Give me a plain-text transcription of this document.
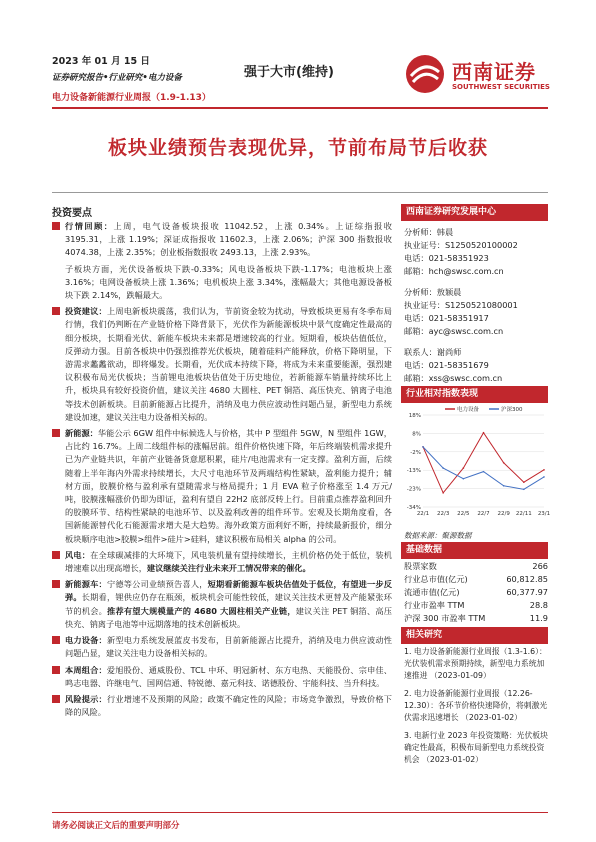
2023 年 01 月 15 日
证券研究报告•行业研究•电力设备	强于大市(维持)
电力设备新能源行业周报（1.9-1.13）
西南证券
SOUTHWEST SECURITIES
板块业绩预告表现优异，节前布局节后收获
投资要点
行情回顾：上周，电气设备板块报收 11042.52，上涨 0.34%。上证综指报收 3195.31，上涨 1.19%；深证成指报收 11602.3，上涨 2.06%；沪深 300 指数报收 4074.38，上涨 2.35%；创业板指数报收 2493.13，上涨 2.93%。
子板块方面，光伏设备板块下跌-0.33%；风电设备板块下跌-1.17%；电池板块上涨 3.16%；电网设备板块上涨 1.36%；电机板块上涨 3.34%，涨幅最大；其他电源设备板块下跌 2.14%，跌幅最大。
投资建议：上周电新板块震荡，我们认为，节前资金较为扰动，导致板块更易有冬季布局行情，我们仍判断在产业链价格下降背景下，光伏作为新能源板块中景气度确定性最高的细分板块，长期看光伏、新能车板块未来都是增速较高的行业。短期看，板块估值低位，反弹动力强。目前各板块中仍强烈推荐光伏板块，随着硅料产能释放，价格下降明显，下游需求蠡蠡欲动，即将爆发。长期看，光伏成本持续下降，将成为未来重要能源，强烈建议积极布局光伏板块；当前锂电池板块估值处于历史地位，若新能源车销量持续环比上升，板块具有较好投资价值，建议关注 4680 大圆柱、PET 铜箔、高压快充、钠离子电池等技术创新板块。目前新能源占比提升，消纳及电力供应波动性问题凸显，新型电力系统建设加速，建议关注电力设备相关标的。
新能源：华能公示 6GW 组件中标候选人与价格，其中 P 型组件 5GW，N 型组件 1GW，占比约 16.7%。上周二线组件标的涨幅居前。组件价格快速下降，年后终端装机需求提升已为产业链共识，年前产业链备货意愿积累，硅片/电池需求有一定支撑。盈利方面，后续随着上半年海内外需求持续增长，大尺寸电池环节及两端结构性紧缺，盈利能力提升；辅材方面，胶膜价格与盈利承有望随需求与格局提升；1 月 EVA 粒子价格涨至 1.4 万元/吨，胶膜涨幅涨价仍即为即证，盈利有望自 22H2 底部反转上行。目前重点推荐盈利回升的胶膜环节、结构性紧缺的电池环节、以及盈利改善的组件环节。宏观及长期角度看，各国新能源替代化石能源需求增大是大趋势。海外政策方面利好不断，持续最新报价，细分板块顺序电池>胶膜>组件>硅片>硅料，建议积极布局相关 alpha 的公司。
风电：在全球碳减排的大环境下，风电装机量有望持续增长，主机价格仍处于低位，装机增速难以出现高增长，建议继续关注行业未来开工情况带来的催化。
新能源车：宁德等公司业绩预告喜人，短期看新能源车板块估值处于低位，有望进一步反弹。长期看，锂供应仍存在瓶颈，板块机会可能性较低，建议关注技术更替及产能紧张环节的机会。推荐有望大规模量产的 4680 大圆柱相关产业链，建议关注 PET 铜箔、高压快充、钠离子电池等中远期落地的技术创新板块。
电力设备：新型电力系统发展蓝皮书发布，目前新能源占比提升，消纳及电力供应波动性问题凸显，建议关注电力设备相关标的。
本周组合：爱旭股份、通威股份、TCL 中环、明冠新材、东方电热、天能股份、宗申佳、鸣志电器、许继电气、国网信通、特锐德、嘉元科技、诺德股份、宇能科技、当升科技。
风险提示：行业增速不及预期的风险；政策不确定性的风险；市场竞争激烈，导致价格下降的风险。
西南证券研究发展中心
分析师：韩晨
执业证号：S1250520100002
电话：021-58351923
邮箱：hch@swsc.com.cn
分析师：敖颖晨
执业证号：S1250521080001
电话：021-58351917
邮箱：ayc@swsc.com.cn
联系人：谢尚师
电话：021-58351679
邮箱：xss@swsc.com.cn
行业相对指数表现
18%
8%
-2%
-13%
-23%
-34%
22/1 22/3 22/5 22/7 22/9 22/11 23/1
电力设备	沪深300
数据来源：聚源数据
基础数据
股票家数	266
行业总市值(亿元)	60,812.85
流通市值(亿元)	60,377.97
行业市盈率 TTM	28.8
沪深 300 市盈率 TTM	11.9
相关研究
1. 电力设备新能源行业周报（1.3-1.6）：光伏装机需求预期持续，新型电力系统加速推进 （2023-01-09）
2. 电力设备新能源行业周报（12.26-12.30）：各环节价格快速降价，将刺激光伏需求迅速增长 （2023-01-02）
3. 电新行业 2023 年投资策略：光伏板块确定性最高，积极布局新型电力系统投资机会 （2023-01-02）
请务必阅读正文后的重要声明部分
